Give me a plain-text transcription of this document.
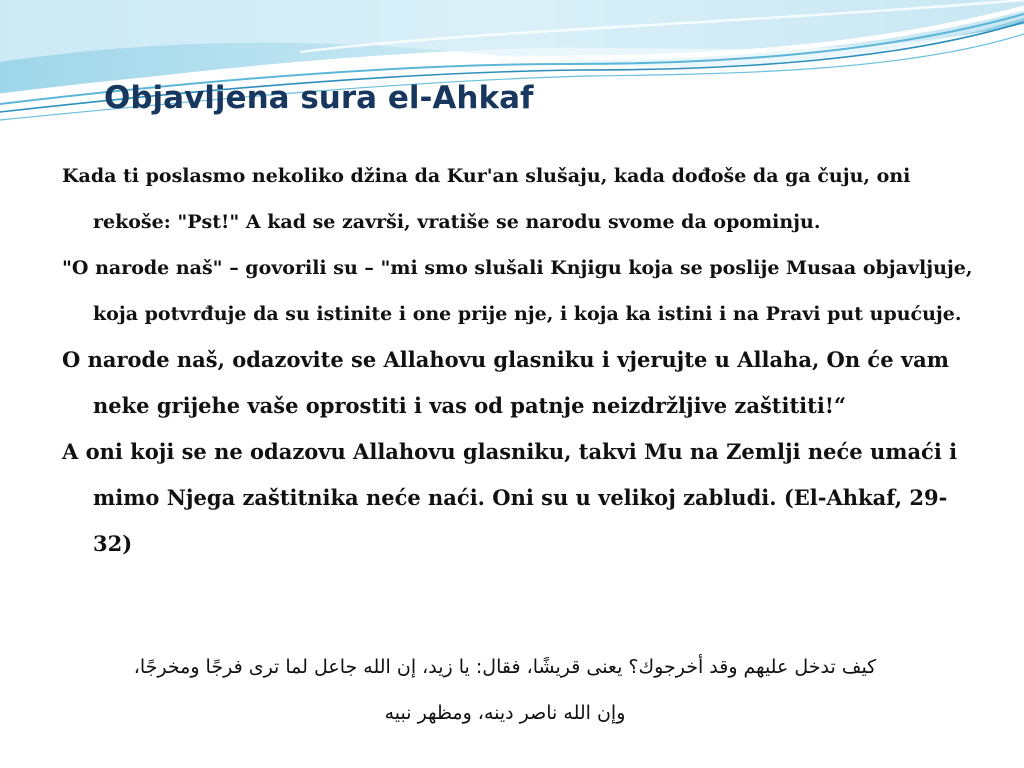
Objavljena sura el-Ahkaf

Kada ti poslasmo nekoliko džina da Kur'an slušaju, kada dođoše da ga čuju, oni rekoše: "Pst!" A kad se završi, vratiše se narodu svome da opominju.

"O narode naš" – govorili su – "mi smo slušali Knjigu koja se poslije Musaa objavljuje, koja potvrđuje da su istinite i one prije nje, i koja ka istini i na Pravi put upućuje.

O narode naš, odazovite se Allahovu glasniku i vjerujte u Allaha, On će vam neke grijehe vaše oprostiti i vas od patnje neizdržljive zaštititi!“

A oni koji se ne odazovu Allahovu glasniku, takvi Mu na Zemlji neće umaći i mimo Njega zaštitnika neće naći. Oni su u velikoj zabludi. (El-Ahkaf, 29-32)

كيف تدخل عليهم وقد أخرجوك؟ يعنى قريشًا، فقال: يا زيد، إن الله جاعل لما ترى فرجًا ومخرجًا،

وإن الله ناصر دينه، ومظهر نبيه
